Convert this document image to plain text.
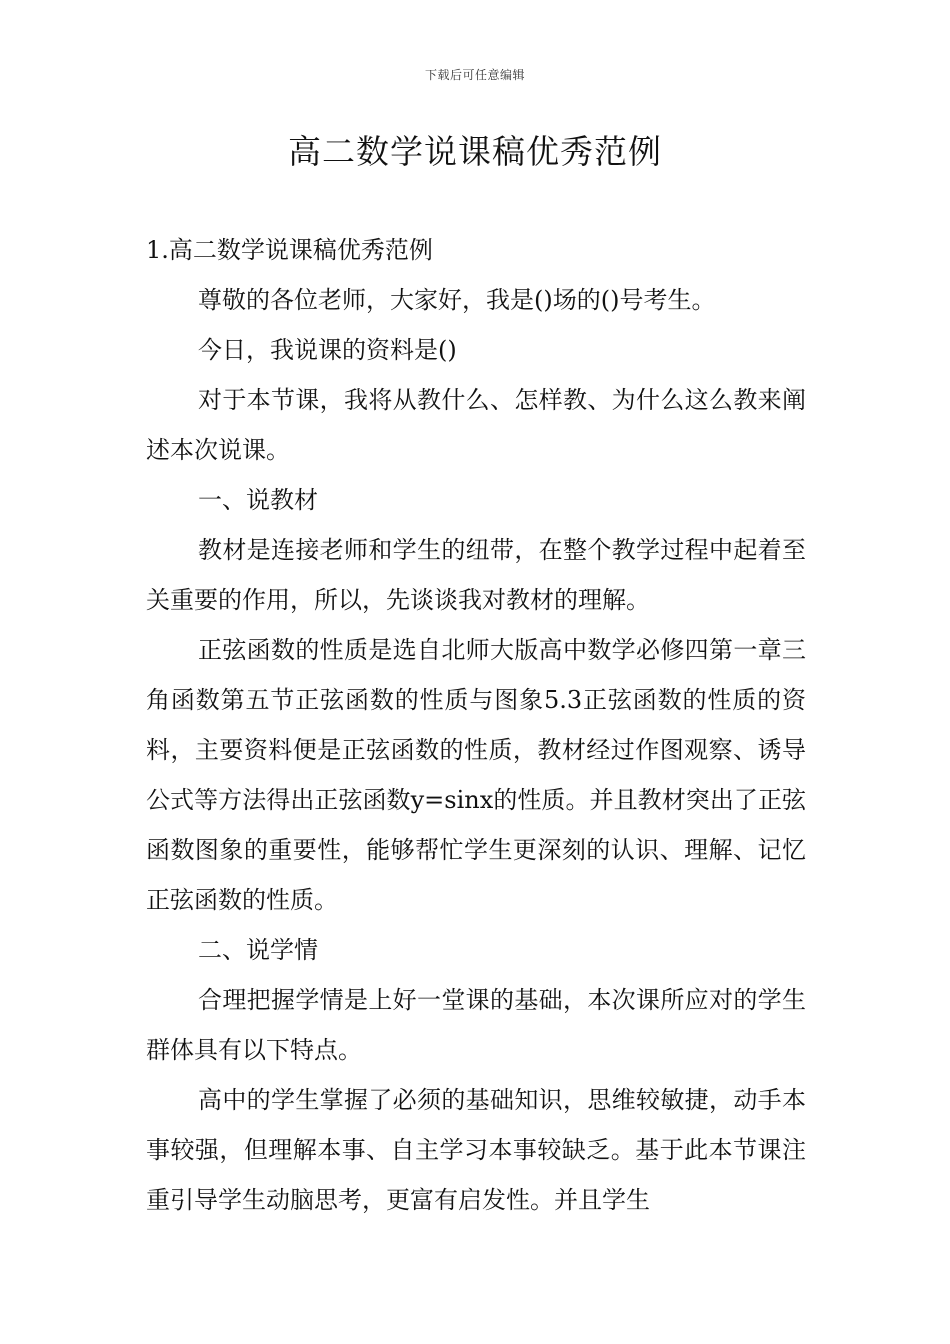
下载后可任意编辑
高二数学说课稿优秀范例

1.高二数学说课稿优秀范例

尊敬的各位老师，大家好，我是()场的()号考生。

今日，我说课的资料是()

对于本节课，我将从教什么、怎样教、为什么这么教来阐述本次说课。

一、说教材

教材是连接老师和学生的纽带，在整个教学过程中起着至关重要的作用，所以，先谈谈我对教材的理解。

正弦函数的性质是选自北师大版高中数学必修四第一章三角函数第五节正弦函数的性质与图象5.3正弦函数的性质的资料，主要资料便是正弦函数的性质，教材经过作图观察、诱导公式等方法得出正弦函数y=sinx的性质。并且教材突出了正弦函数图象的重要性，能够帮忙学生更深刻的认识、理解、记忆正弦函数的性质。

二、说学情

合理把握学情是上好一堂课的基础，本次课所应对的学生群体具有以下特点。

高中的学生掌握了必须的基础知识，思维较敏捷，动手本事较强，但理解本事、自主学习本事较缺乏。基于此本节课注重引导学生动脑思考，更富有启发性。并且学生
